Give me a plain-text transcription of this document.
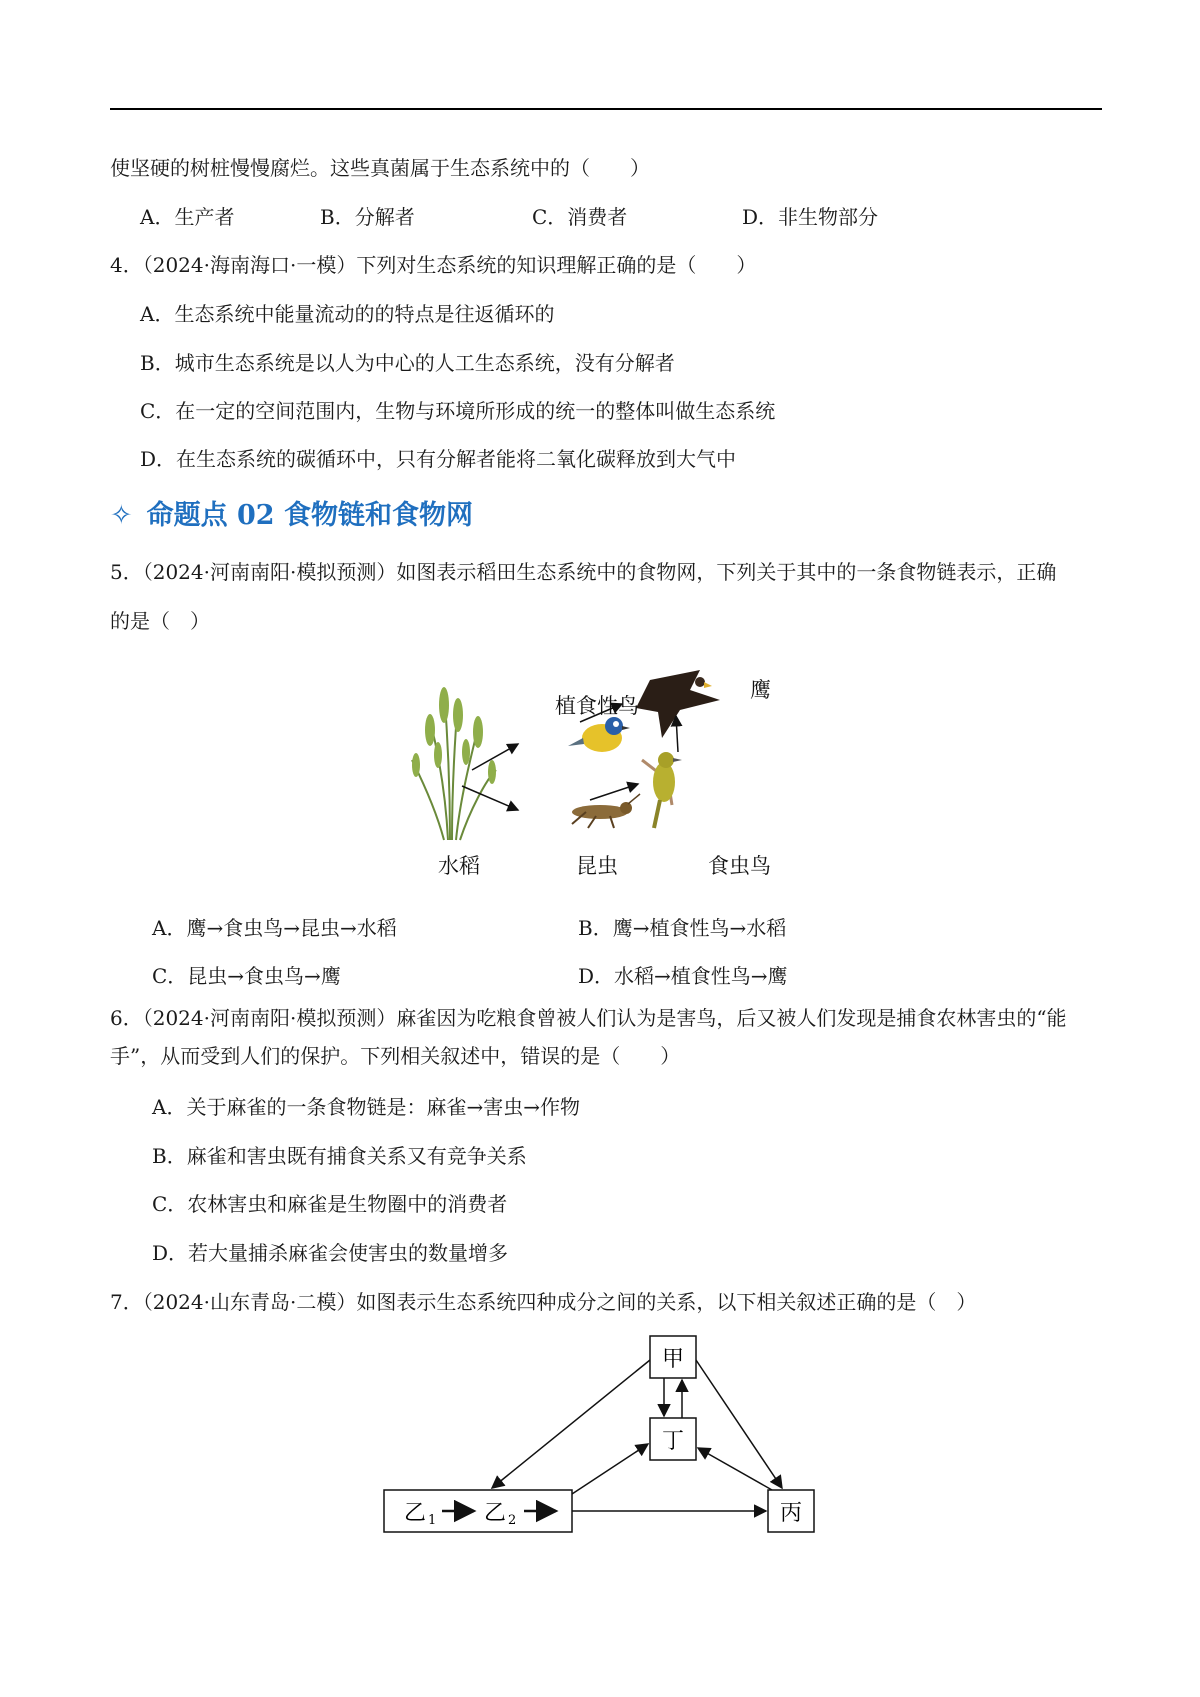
使坚硬的树桩慢慢腐烂。这些真菌属于生态系统中的（　　）
A．生产者	B．分解者	C．消费者	D．非生物部分
4．（2024·海南海口·一模）下列对生态系统的知识理解正确的是（　　）
A．生态系统中能量流动的的特点是往返循环的
B．城市生态系统是以人为中心的人工生态系统，没有分解者
C．在一定的空间范围内，生物与环境所形成的统一的整体叫做生态系统
D．在生态系统的碳循环中，只有分解者能将二氧化碳释放到大气中
✧ 命题点 02 食物链和食物网
5．（2024·河南南阳·模拟预测）如图表示稻田生态系统中的食物网，下列关于其中的一条食物链表示，正确
的是（　）
水稻	昆虫
植食性鸟
食虫鸟
鹰
A．鹰→食虫鸟→昆虫→水稻	B．鹰→植食性鸟→水稻
C．昆虫→食虫鸟→鹰	D．水稻→植食性鸟→鹰
6．（2024·河南南阳·模拟预测）麻雀因为吃粮食曾被人们认为是害鸟，后又被人们发现是捕食农林害虫的“能
手”，从而受到人们的保护。下列相关叙述中，错误的是（　　）
A．关于麻雀的一条食物链是：麻雀→害虫→作物
B．麻雀和害虫既有捕食关系又有竞争关系
C．农林害虫和麻雀是生物圈中的消费者
D．若大量捕杀麻雀会使害虫的数量增多
7．（2024·山东青岛·二模）如图表示生态系统四种成分之间的关系，以下相关叙述正确的是（　）
甲
丁
丙
乙 1 乙 2
